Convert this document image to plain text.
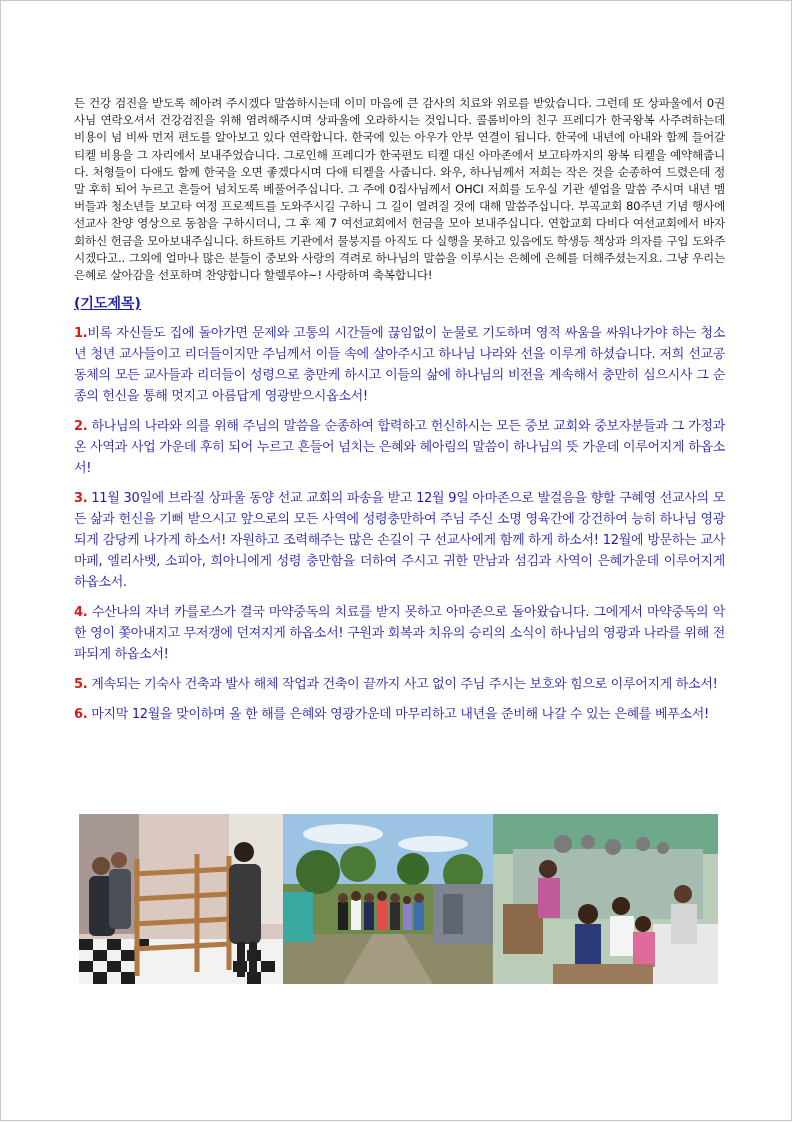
든 건강 검진을 받도록 헤아려 주시겠다 말씀하시는데 이미 마음에 큰 감사의 치료와 위로를 받았습니다. 그런데 또 상파울에서 0권사님 연락오셔서 건강검진을 위해 염려해주시며 상파울에 오라하시는 것입니다. 콜롬비아의 친구 프레디가 한국왕복 사주려하는데 비용이 넘 비싸 먼저 편도를 알아보고 있다 연락합니다. 한국에 있는 아우가 안부 연결이 됩니다. 한국에 내년에 아내와 함께 들어갈 티켙 비용을 그 자리에서 보내주었습니다. 그로인해 프레디가 한국편도 티켙 대신 아마존에서 보고타까지의 왕복 티켙을 예약해줍니다. 처형들이 다애도 함께 한국을 오면 좋겠다시며 다애 티켙을 사줍니다. 와우, 하나님께서 저희는 작은 것을 순종하여 드렸은데 정말 후히 되어 누르고 흔들어 넘치도록 베풀어주십니다. 그 주에 0집사님께서 OHCI 저희를 도우실 기관 셑업을 말씀 주시며 내년 멤버들과 청소년들 보고타 여정 프로젝트를 도와주시길 구하니 그 길이 열려질 것에 대해 말씀주십니다. 부곡교회 80주년 기념 행사에 선교사 찬양 영상으로 동참을 구하시더니, 그 후 제 7 여선교회에서 헌금을 모아 보내주십니다. 연합교회 다비다 여선교회에서 바자회하신 헌금을 모아보내주십니다. 하트하트 기관에서 물붕지를 아직도 다 실행을 못하고 있음에도 학생등 책상과 의자를 구입 도와주시겠다고.. 그외에 얼마나 많은 분들이 중보와 사랑의 격려로 하나님의 말씀을 이루시는 은혜에 은혜를 더해주셨는지요. 그냥 우리는 은혜로 살아감을 선포하며 찬양합니다 할렐루야~! 사랑하며 축복합니다!
(기도제목)
1.비록 자신들도 집에 돌아가면 문제와 고통의 시간들에 끊임없이 눈물로 기도하며 영적 싸움을 싸워나가야 하는 청소년 청년 교사들이고 리더들이지만 주님께서 이들 속에 살아주시고 하나님 나라와 선을 이루게 하셨습니다. 저희 선교공동체의 모든 교사들과 리더들이 성령으로 충만케 하시고 이들의 삶에 하나님의 비전을 계속해서 충만히 심으시사 그 순종의 헌신을 통해 멋지고 아름답게 영광받으시옵소서!
2. 하나님의 나라와 의를 위해 주님의 말씀을 순종하여 합력하고 헌신하시는 모든 중보 교회와 중보자분들과 그 가정과 온 사역과 사업 가운데 후히 되어 누르고 흔들어 넘치는 은혜와 헤아림의 말씀이 하나님의 뜻 가운데 이루어지게 하옵소서!
3. 11월 30일에 브라질 상파울 동양 선교 교회의 파송을 받고 12월 9일 아마존으로 발걸음을 향할 구혜영 선교사의 모든 삶과 헌신을 기뻐 받으시고 앞으로의 모든 사역에 성령충만하여 주님 주신 소명 영육간에 강건하여 능히 하나님 영광 되게 감당케 나가게 하소서! 자원하고 조력해주는 많은 손길이 구 선교사에게 함께 하게 하소서! 12월에 방문하는 교사 마페, 엘리사벳, 소피아, 희아니에게 성령 충만함을 더하여 주시고 귀한 만남과 섬김과 사역이 은혜가운데 이루어지게 하옵소서.
4. 수산나의 자녀 카를로스가 결국 마약중독의 치료를 받지 못하고 아마존으로 돌아왔습니다. 그에게서 마약중독의 악한 영이 쫓아내지고 무저갱에 던져지게 하옵소서! 구원과 회복과 치유의 승리의 소식이 하나님의 영광과 나라를 위해 전파되게 하옵소서!
5. 계속되는 기숙사 건축과 발사 해체 작업과 건축이 끝까지 사고 없이 주님 주시는 보호와 힘으로 이루어지게 하소서!
6. 마지막 12월을 맞이하며 올 한 해를 은혜와 영광가운데 마무리하고 내년을 준비해 나갈 수 있는 은혜를 베푸소서!
